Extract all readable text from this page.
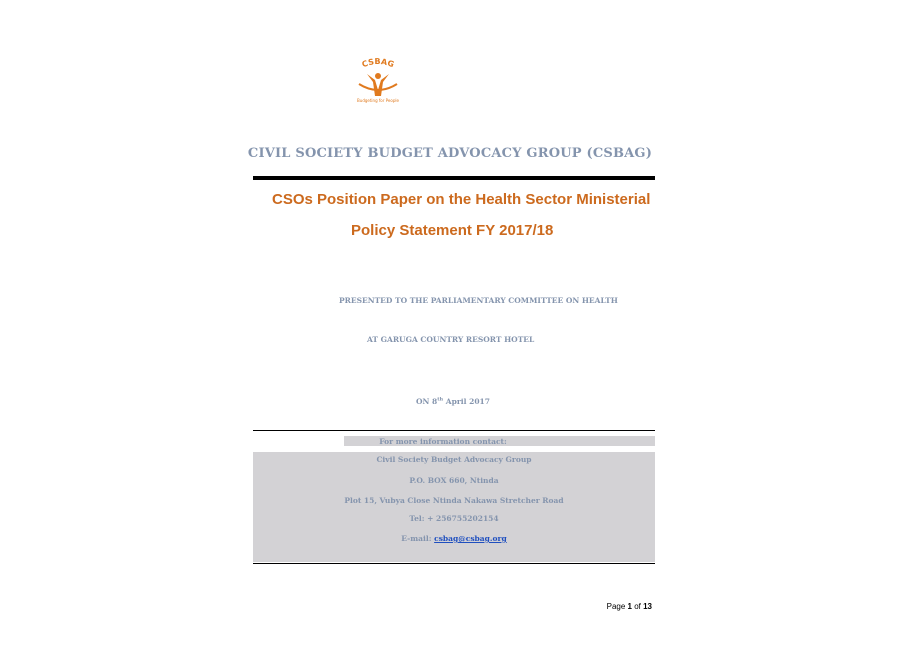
CSBAG
Budgeting for People
CIVIL SOCIETY BUDGET ADVOCACY GROUP (CSBAG)
CSOs Position Paper on the Health Sector Ministerial
Policy Statement FY 2017/18
PRESENTED TO THE PARLIAMENTARY COMMITTEE ON HEALTH
AT GARUGA COUNTRY RESORT HOTEL
ON 8th April 2017
For more information contact:
Civil Society Budget Advocacy Group
P.O. BOX 660, Ntinda
Plot 15, Vubya Close Ntinda Nakawa Stretcher Road
Tel: + 256755202154
E-mail: csbag@csbag.org
Page 1 of 13
